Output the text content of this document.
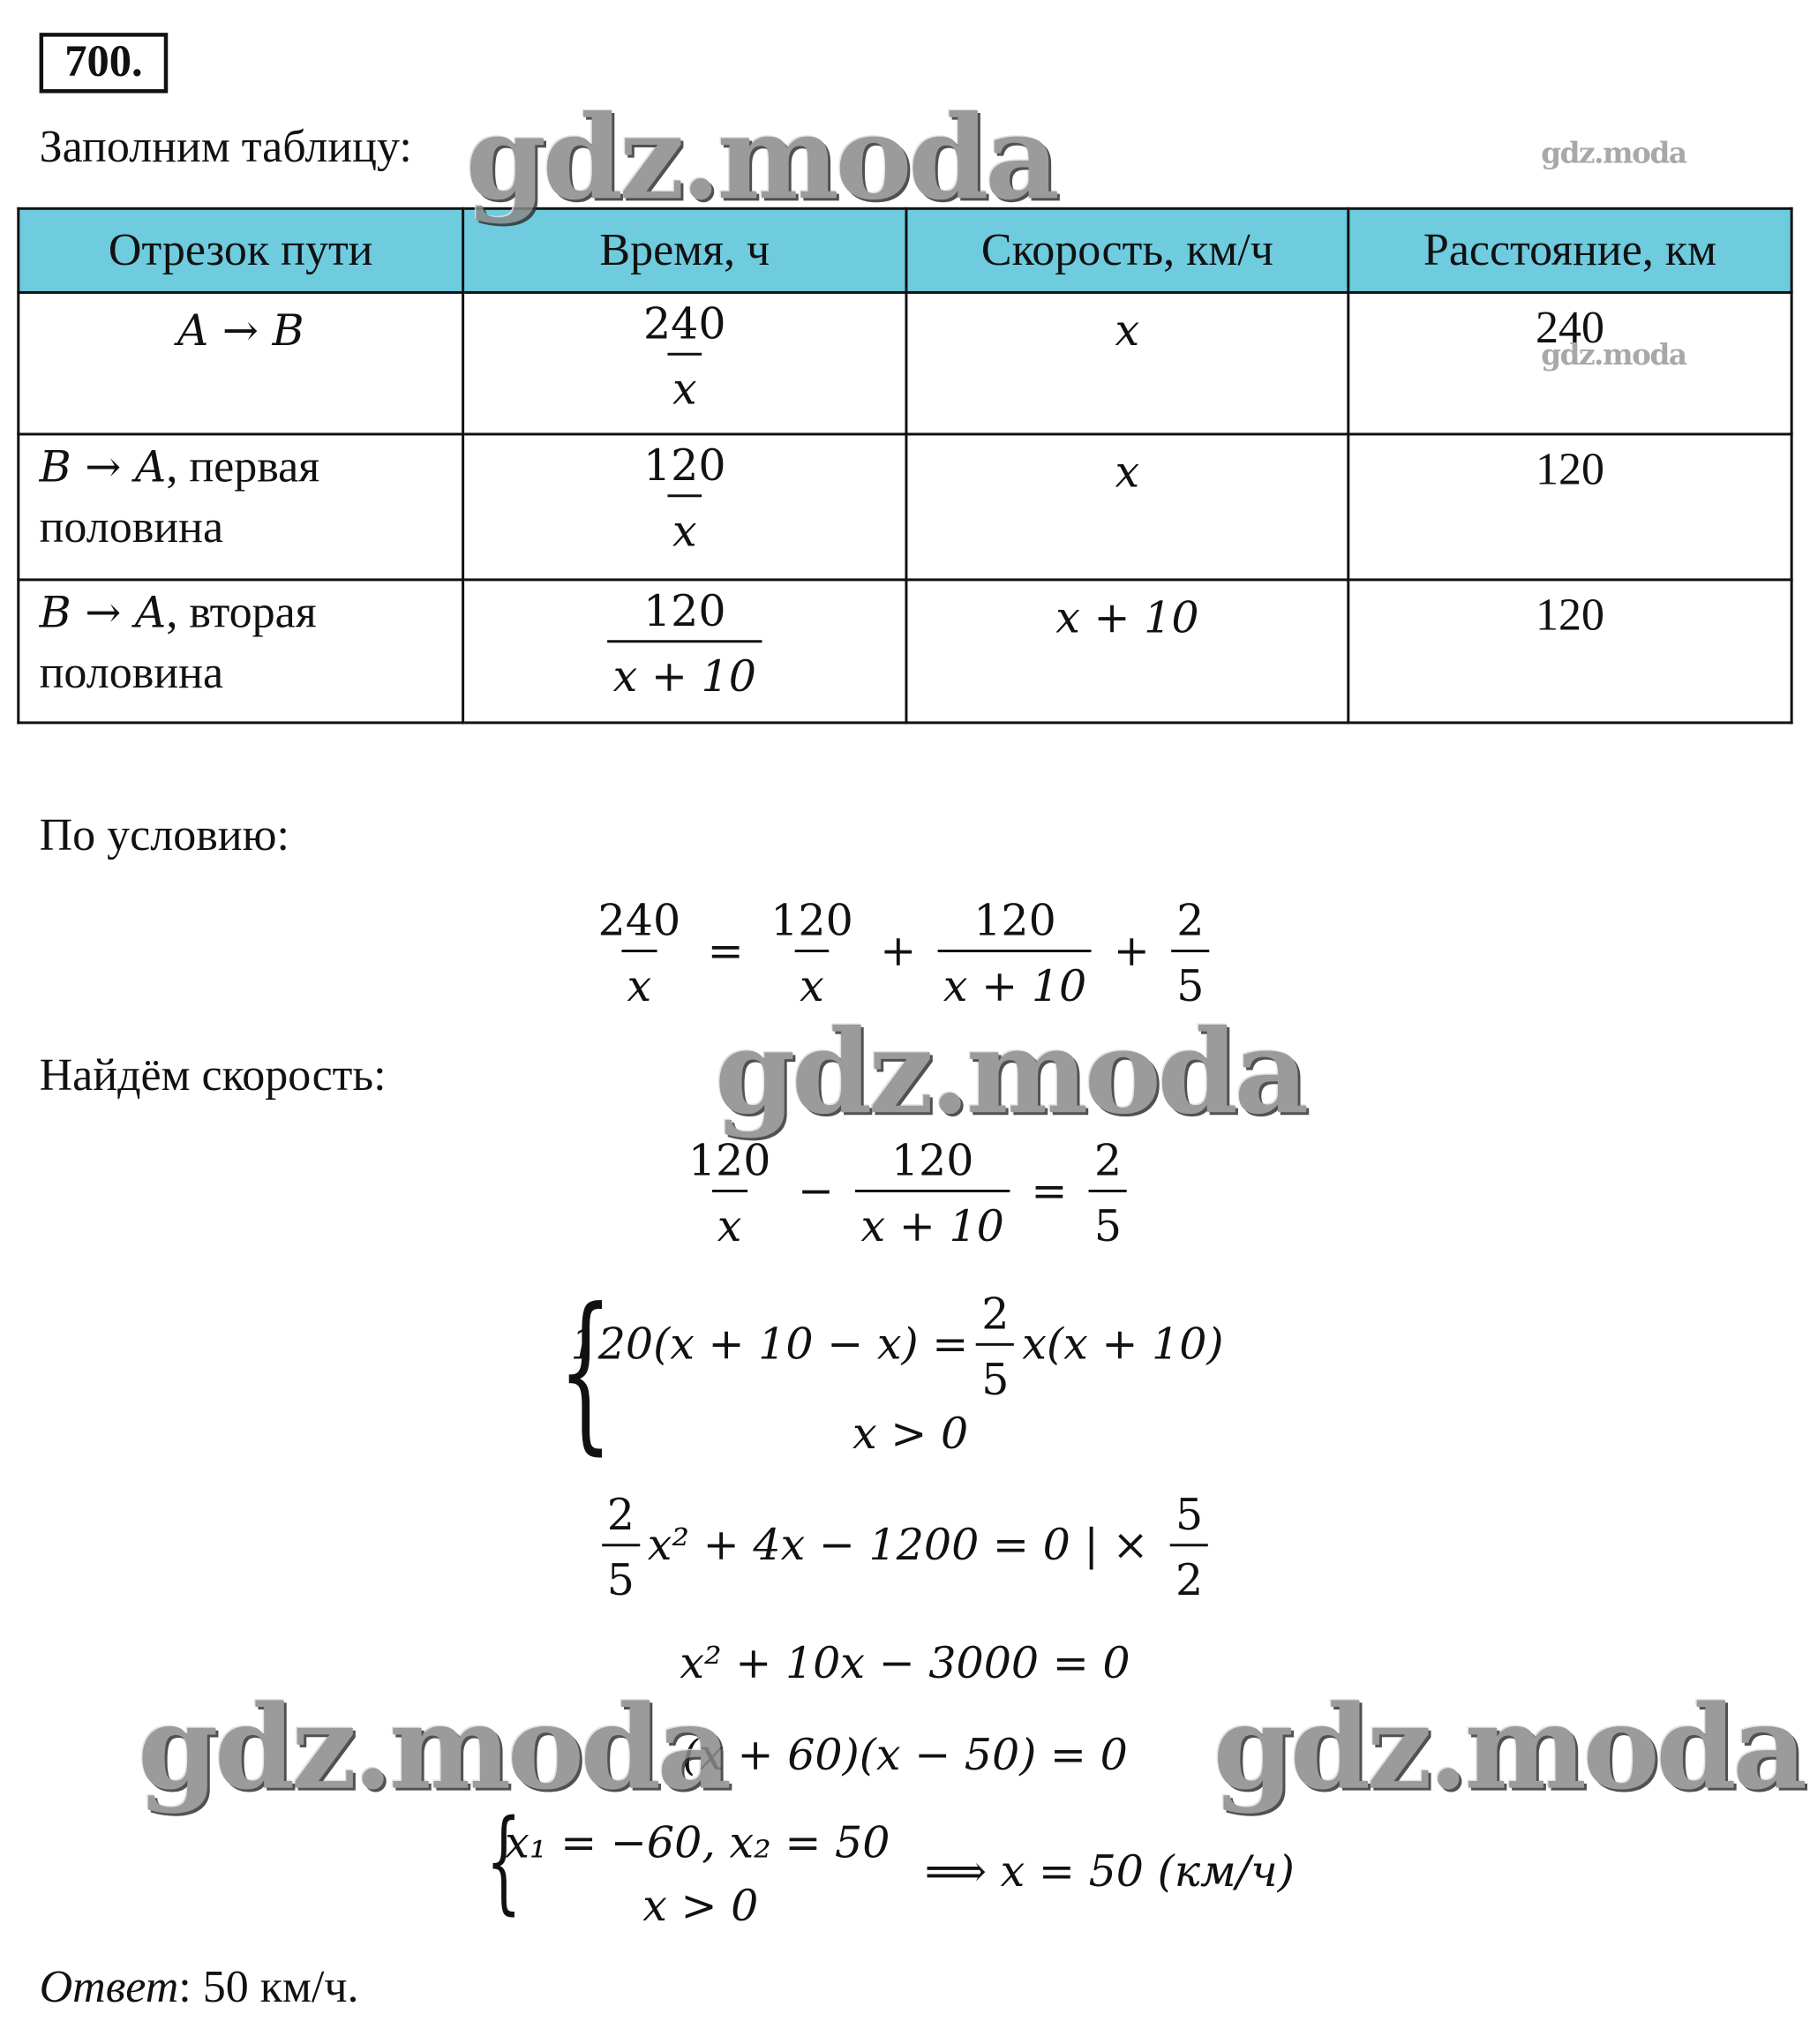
700.
Заполним таблицу:
Отрезок пути	Время, ч	Скорость, км/ч	Расстояние, км
A → B	$\frac{240}{x}$	x	240
B → A, первая половина	$\frac{120}{x}$	x	120
B → A, вторая половина	$\frac{120}{x + 10}$	x + 10	120
По условию:
$\frac{240}{x} = \frac{120}{x} + \frac{120}{x + 10} + \frac{2}{5}$
Найдём скорость:
$\frac{120}{x} - \frac{120}{x + 10} = \frac{2}{5}$
{
$120(x + 10 - x) = \frac{2}{5} x(x + 10)$
x > 0
$\frac{2}{5} x^2 + 4x - 1200 = 0$ | × $\frac{5}{2}$
x² + 10x − 3000 = 0
(x + 60)(x − 50) = 0
{
x₁ = −60, x₂ = 50
x > 0
⟹ x = 50 (км/ч)
Ответ: 50 км/ч.
gdz.moda	gdz.moda
gdz.moda
gdz.moda
gdz.moda	gdz.moda
